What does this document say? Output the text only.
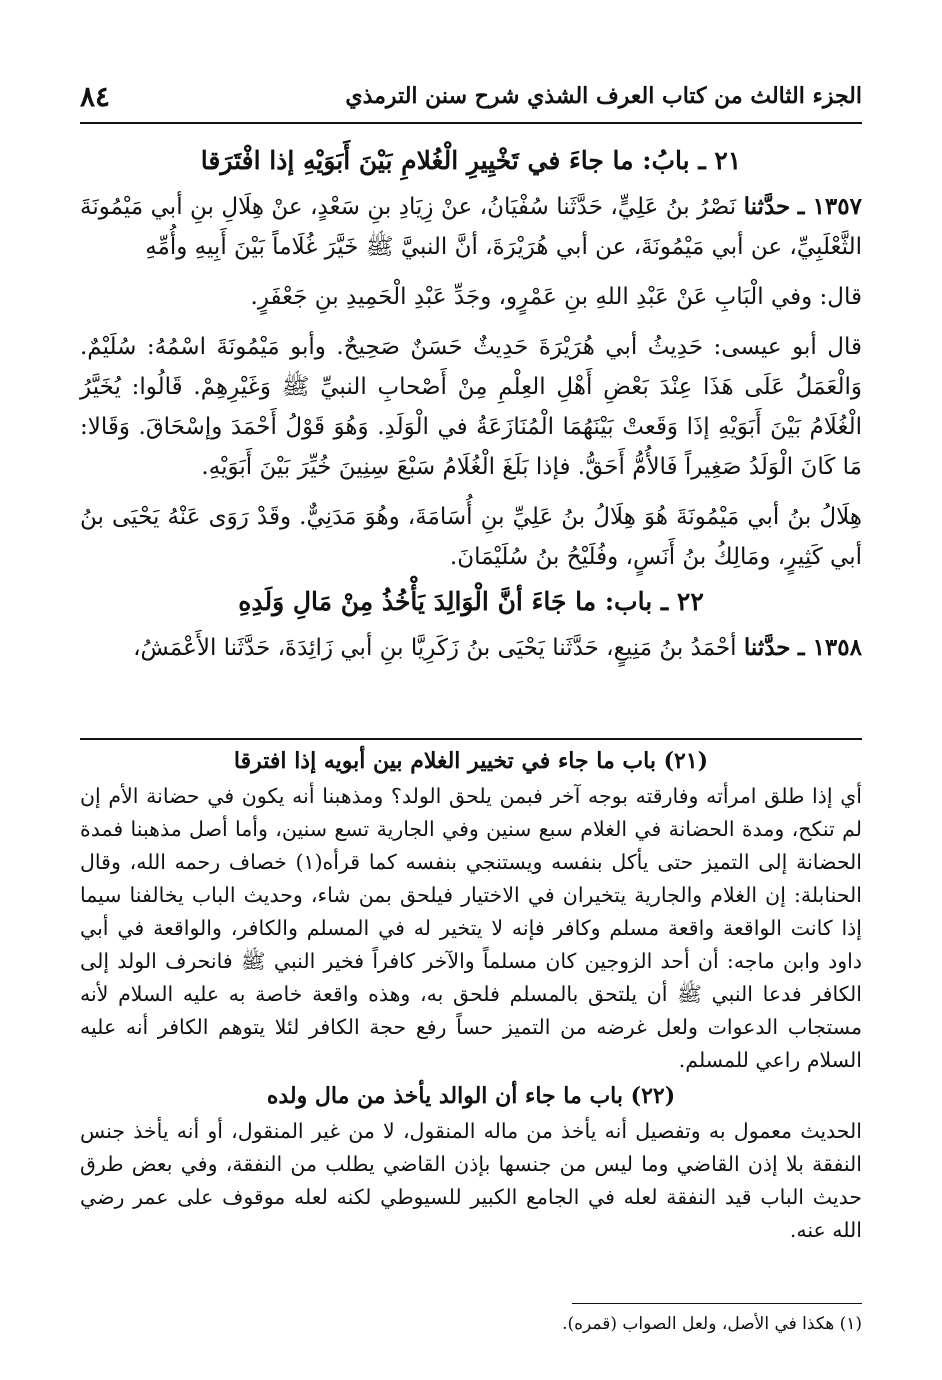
الجزء الثالث من كتاب العرف الشذي شرح سنن الترمذي
٨٤
٢١ ـ بابُ: ما جاءَ في تَخْيِيرِ الْغُلامِ بَيْنَ أَبَوَيْهِ إذا افْتَرَقا

١٣٥٧ ـ حدَّثنا نَصْرُ بنُ عَلِيٍّ، حَدَّثَنا سُفْيَانُ، عنْ زِيَادِ بنِ سَعْدٍ، عنْ هِلَالِ بنِ أبي مَيْمُونَةَ الثَّعْلَبِيِّ، عن أبي مَيْمُونَةَ، عن أبي هُرَيْرَةَ، أنَّ النبيَّ ﷺ خَيَّرَ غُلَاماً بَيْنَ أَبِيهِ وأُمِّهِ

قال: وفي الْبَابِ عَنْ عَبْدِ اللهِ بنِ عَمْرٍو، وجَدِّ عَبْدِ الْحَمِيدِ بنِ جَعْفَرٍ.

قال أبو عيسى: حَدِيثُ أبي هُرَيْرَةَ حَدِيثٌ حَسَنٌ صَحِيحٌ. وأبو مَيْمُونَةَ اسْمُهُ: سُلَيْمٌ. وَالْعَمَلُ عَلَى هَذَا عِنْدَ بَعْضِ أَهْلِ العِلْمِ مِنْ أَصْحابِ النبيِّ ﷺ وَغَيْرِهِمْ. قَالُوا: يُخَيَّرُ الْغُلَامُ بَيْنَ أَبَوَيْهِ إذَا وَقَعتْ بَيْنَهُمَا الْمُنَازَعَةُ في الْوَلَدِ. وَهُوَ قَوْلُ أَحْمَدَ وإسْحَاقَ. وَقَالا: مَا كَانَ الْوَلَدُ صَغِيراً فَالأُمُّ أَحَقُّ. فإذا بَلَغَ الْغُلَامُ سَبْعَ سِنِينَ خُيِّرَ بَيْنَ أَبَوَيْهِ.

هِلَالُ بنُ أبي مَيْمُونَةَ هُوَ هِلَالُ بنُ عَلِيِّ بنِ أُسَامَةَ، وهُوَ مَدَنِيٌّ. وقَدْ رَوَى عَنْهُ يَحْيَى بنُ أبي كَثِيرٍ، ومَالِكُ بنُ أَنَسٍ، وفُلَيْحُ بنُ سُلَيْمَانَ.

٢٢ ـ باب: ما جَاءَ أنَّ الْوَالِدَ يَأْخُذُ مِنْ مَالِ وَلَدِهِ

١٣٥٨ ـ حدَّثنا أحْمَدُ بنُ مَنِيعٍ، حَدَّثَنا يَحْيَى بنُ زَكَرِيَّا بنِ أبي زَائِدَةَ، حَدَّثَنا الأَعْمَشُ،

(٢١) باب ما جاء في تخيير الغلام بين أبويه إذا افترقا

أي إذا طلق امرأته وفارقته بوجه آخر فبمن يلحق الولد؟ ومذهبنا أنه يكون في حضانة الأم إن لم تنكح، ومدة الحضانة في الغلام سبع سنين وفي الجارية تسع سنين، وأما أصل مذهبنا فمدة الحضانة إلى التميز حتى يأكل بنفسه ويستنجي بنفسه كما قرأه(١) خصاف رحمه الله، وقال الحنابلة: إن الغلام والجارية يتخيران في الاختيار فيلحق بمن شاء، وحديث الباب يخالفنا سيما إذا كانت الواقعة واقعة مسلم وكافر فإنه لا يتخير له في المسلم والكافر، والواقعة في أبي داود وابن ماجه: أن أحد الزوجين كان مسلماً والآخر كافراً فخير النبي ﷺ فانحرف الولد إلى الكافر فدعا النبي ﷺ أن يلتحق بالمسلم فلحق به، وهذه واقعة خاصة به عليه السلام لأنه مستجاب الدعوات ولعل غرضه من التميز حساً رفع حجة الكافر لئلا يتوهم الكافر أنه عليه السلام راعي للمسلم.

(٢٢) باب ما جاء أن الوالد يأخذ من مال ولده

الحديث معمول به وتفصيل أنه يأخذ من ماله المنقول، لا من غير المنقول، أو أنه يأخذ جنس النفقة بلا إذن القاضي وما ليس من جنسها بإذن القاضي يطلب من النفقة، وفي بعض طرق حديث الباب قيد النفقة لعله في الجامع الكبير للسيوطي لكنه لعله موقوف على عمر رضي الله عنه.

(١) هكذا في الأصل، ولعل الصواب (قمره).
